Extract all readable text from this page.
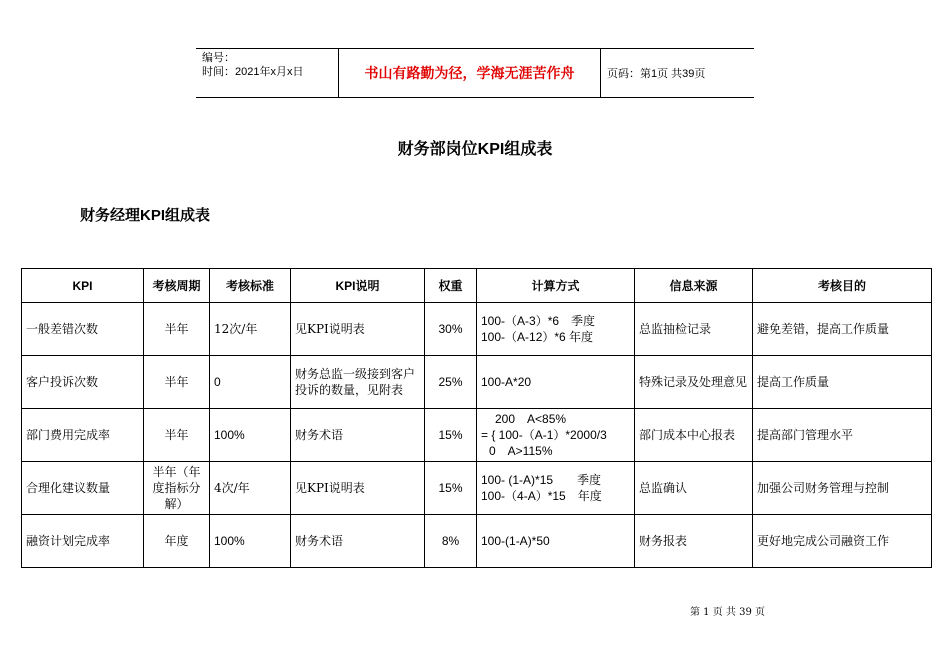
编号：
时间：2021年x月x日	书山有路勤为径，学海无涯苦作舟	页码：第1页 共39页
财务部岗位KPI组成表
财务经理KPI组成表
KPI	考核周期	考核标准	KPI说明	权重	计算方式	信息来源	考核目的
一般差错次数	半年	12次/年	见KPI说明表	30%	100-（A-3）*6　季度
100-（A-12）*6 年度	总监抽检记录	避免差错，提高工作质量
客户投诉次数	半年	0	财务总监一级接到客户投诉的数量，见附表	25%	100-A*20	特殊记录及处理意见	提高工作质量
部门费用完成率	半年	100%	财务术语	15%	200　A<85%
= { 100-（A-1）*2000/3
0　A>115%	部门成本中心报表	提高部门管理水平
合理化建议数量	半年（年度指标分解）	4次/年	见KPI说明表	15%	100- (1-A)*15　　季度
100-（4-A）*15　年度	总监确认	加强公司财务管理与控制
融资计划完成率	年度	100%	财务术语	8%	100-(1-A)*50	财务报表	更好地完成公司融资工作
第 1 页 共 39 页
